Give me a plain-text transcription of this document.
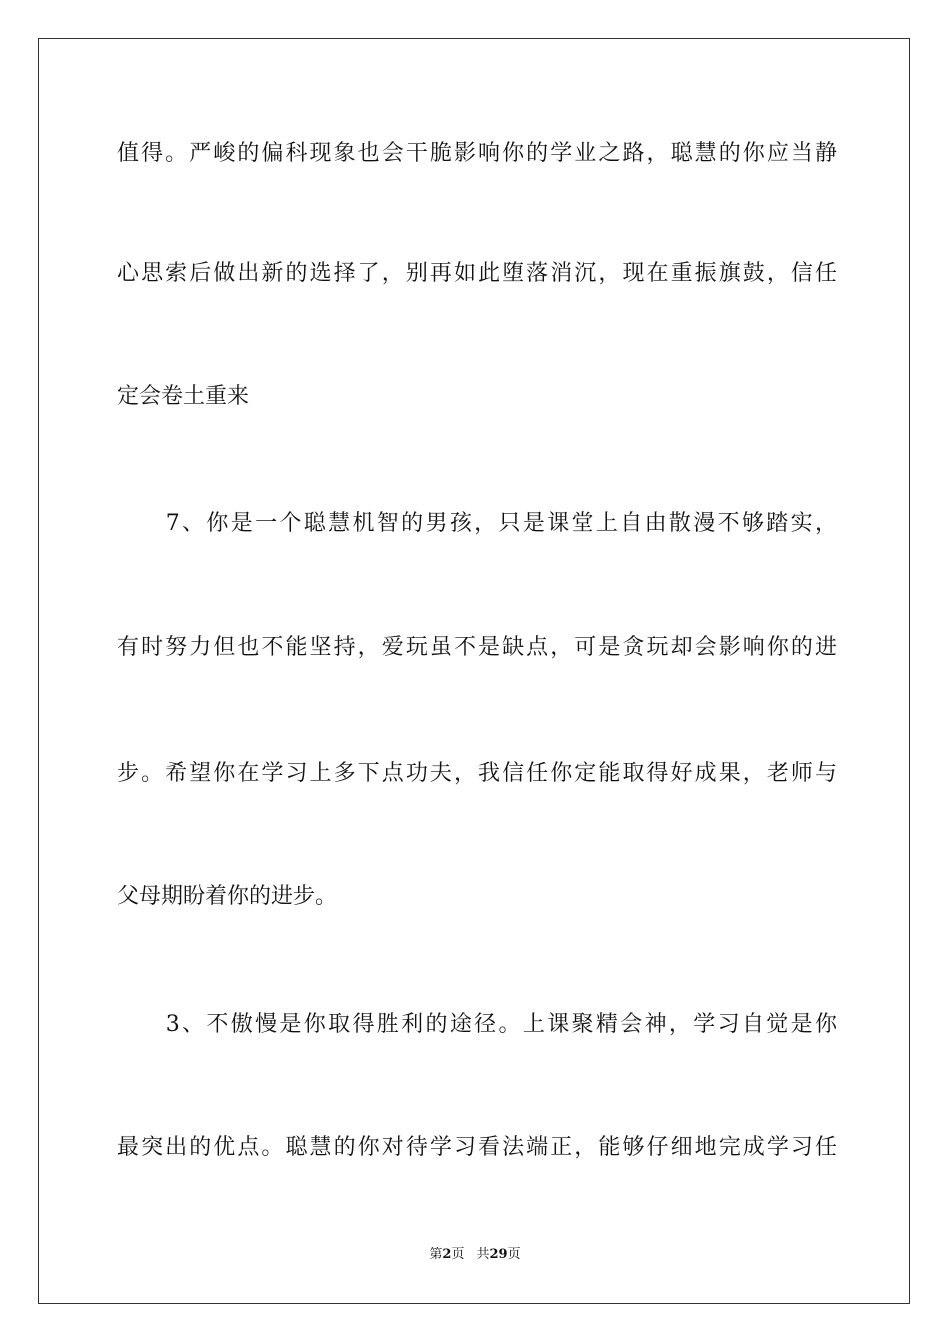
值得。严峻的偏科现象也会干脆影响你的学业之路，聪慧的你应当静
心思索后做出新的选择了，别再如此堕落消沉，现在重振旗鼓，信任
定会卷土重来
　　7、你是一个聪慧机智的男孩，只是课堂上自由散漫不够踏实，
有时努力但也不能坚持，爱玩虽不是缺点，可是贪玩却会影响你的进
步。希望你在学习上多下点功夫，我信任你定能取得好成果，老师与
父母期盼着你的进步。
　　3、不傲慢是你取得胜利的途径。上课聚精会神，学习自觉是你
最突出的优点。聪慧的你对待学习看法端正，能够仔细地完成学习任
第2页 共29页
